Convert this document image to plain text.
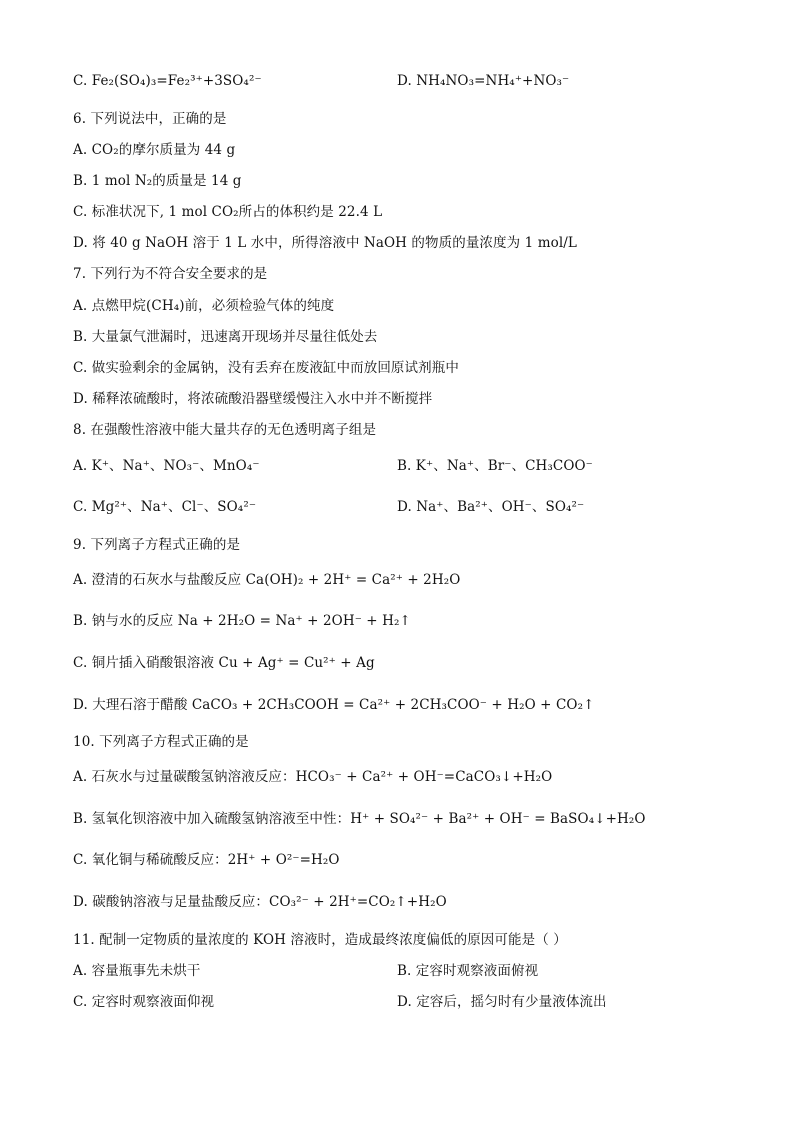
C. Fe₂(SO₄)₃=Fe₂³⁺+3SO₄²⁻	D. NH₄NO₃=NH₄⁺+NO₃⁻
6. 下列说法中，正确的是
A. CO₂的摩尔质量为 44 g
B. 1 mol N₂的质量是 14 g
C. 标准状况下, 1 mol CO₂所占的体积约是 22.4 L
D. 将 40 g NaOH 溶于 1 L 水中，所得溶液中 NaOH 的物质的量浓度为 1 mol/L
7. 下列行为不符合安全要求的是
A. 点燃甲烷(CH₄)前，必须检验气体的纯度
B. 大量氯气泄漏时，迅速离开现场并尽量往低处去
C. 做实验剩余的金属钠，没有丢弃在废液缸中而放回原试剂瓶中
D. 稀释浓硫酸时，将浓硫酸沿器壁缓慢注入水中并不断搅拌
8. 在强酸性溶液中能大量共存的无色透明离子组是
A. K⁺、Na⁺、NO₃⁻、MnO₄⁻	B. K⁺、Na⁺、Br⁻、CH₃COO⁻
C. Mg²⁺、Na⁺、Cl⁻、SO₄²⁻	D. Na⁺、Ba²⁺、OH⁻、SO₄²⁻
9. 下列离子方程式正确的是
A. 澄清的石灰水与盐酸反应 Ca(OH)₂ + 2H⁺ = Ca²⁺ + 2H₂O
B. 钠与水的反应 Na + 2H₂O = Na⁺ + 2OH⁻ + H₂↑
C. 铜片插入硝酸银溶液 Cu + Ag⁺ = Cu²⁺ + Ag
D. 大理石溶于醋酸 CaCO₃ + 2CH₃COOH = Ca²⁺ + 2CH₃COO⁻ + H₂O + CO₂↑
10. 下列离子方程式正确的是
A. 石灰水与过量碳酸氢钠溶液反应：HCO₃⁻ + Ca²⁺ + OH⁻=CaCO₃↓+H₂O
B. 氢氧化钡溶液中加入硫酸氢钠溶液至中性：H⁺ + SO₄²⁻ + Ba²⁺ + OH⁻ = BaSO₄↓+H₂O
C. 氧化铜与稀硫酸反应：2H⁺ + O²⁻=H₂O
D. 碳酸钠溶液与足量盐酸反应：CO₃²⁻ + 2H⁺=CO₂↑+H₂O
11. 配制一定物质的量浓度的 KOH 溶液时，造成最终浓度偏低的原因可能是（ ）
A. 容量瓶事先未烘干	B. 定容时观察液面俯视
C. 定容时观察液面仰视	D. 定容后，摇匀时有少量液体流出
